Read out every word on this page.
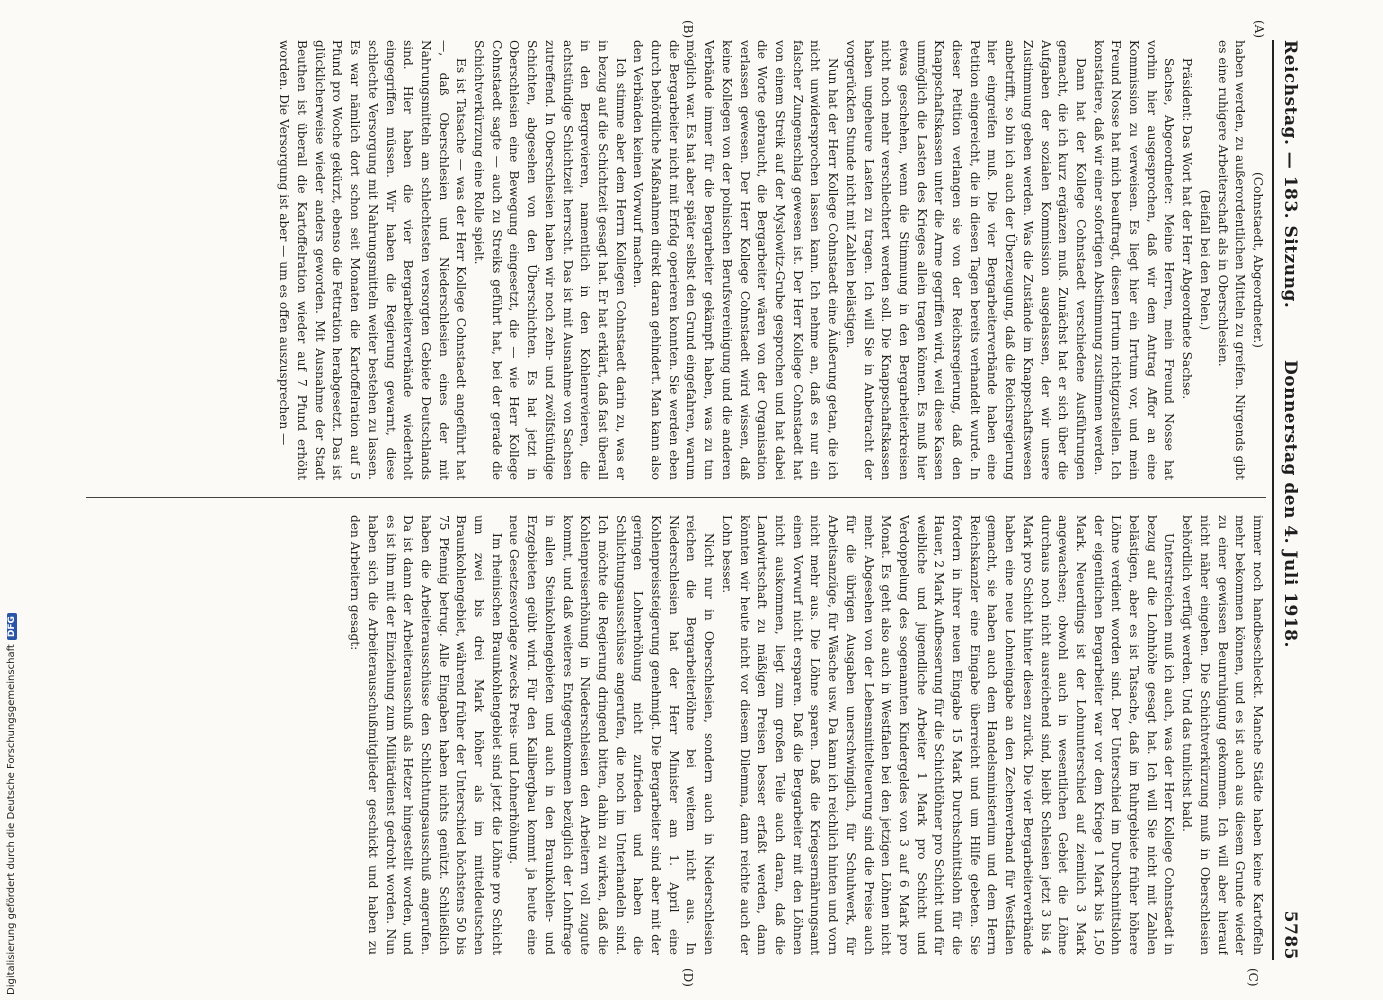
Reichstag. — 183. Sitzung.
Donnerstag den 4. Juli 1918.
5785
(A)
(B)
(C)
(D)

(Cohnstaedt, Abgeordneter.)

haben werden, zu außerordentlichen Mitteln zu greifen. Nirgends gibt es eine ruhigere Arbeiterschaft als in Oberschlesien.

(Beifall bei den Polen.)

Präsident: Das Wort hat der Herr Abgeordnete Sachse.

Sachse, Abgeordneter: Meine Herren, mein Freund Nosse hat vorhin hier ausgesprochen, daß wir dem Antrag Affor an eine Kommission zu verweisen. Es liegt hier ein Irrtum vor, und mein Freund Nosse hat mich beauftragt, diesen Irrtum richtigzustellen. Ich konstatiere, daß wir einer sofortigen Abstimmung zustimmen werden.

Dann hat der Kollege Cohnstaedt verschiedene Ausführungen gemacht, die ich kurz ergänzen muß. Zunächst hat er sich über die Aufgaben der sozialen Kommission ausgelassen, der wir unsere Zustimmung geben werden. Was die Zustände im Knappschaftswesen anbetrifft, so bin ich auch der Überzeugung, daß die Reichsregierung hier eingreifen muß. Die vier Bergarbeiterverbände haben eine Petition eingereicht, die in diesen Tagen bereits verhandelt wurde. In dieser Petition verlangen sie von der Reichsregierung, daß den Knappschaftskassen unter die Arme gegriffen wird, weil diese Kassen unmöglich die Lasten des Krieges allein tragen können. Es muß hier etwas geschehen, wenn die Stimmung in den Bergarbeiterkreisen nicht noch mehr verschlechtert werden soll. Die Knappschaftskassen haben ungeheure Lasten zu tragen. Ich will Sie in Anbetracht der vorgerückten Stunde nicht mit Zahlen belästigen.

Nun hat der Herr Kollege Cohnstaedt eine Äußerung getan, die ich nicht unwidersprochen lassen kann. Ich nehme an, daß es nur ein falscher Zungenschlag gewesen ist. Der Herr Kollege Cohnstaedt hat von einem Streik auf der Myslowitz-Grube gesprochen und hat dabei die Worte gebraucht, die Bergarbeiter wären von der Organisation verlassen gewesen. Der Herr Kollege Cohnstaedt wird wissen, daß keine Kollegen von der polnischen Berufsvereinigung und die anderen Verbände immer für die Bergarbeiter gekämpft haben, was zu tun möglich war. Es hat aber später selbst den Grund eingefahren, warum die Bergarbeiter nicht mit Erfolg operieren konnten. Sie werden eben durch behördliche Maßnahmen direkt daran gehindert. Man kann also den Verbänden keinen Vorwurf machen.

Ich stimme aber dem Herrn Kollegen Cohnstaedt darin zu, was er in bezug auf die Schichtzeit gesagt hat. Er hat erklärt, daß fast überall in den Bergrevieren, namentlich in den Kohlenrevieren, die achtstündige Schichtzeit herrscht. Das ist mit Ausnahme von Sachsen zutreffend. In Oberschlesien haben wir noch zehn- und zwölfstündige Schichten, abgesehen von den Überschichten. Es hat jetzt in Oberschlesien eine Bewegung eingesetzt, die — wie Herr Kollege Cohnstaedt sagte — auch zu Streiks geführt hat, bei der gerade die Schichtverkürzung eine Rolle spielt.

Es ist Tatsache — was der Herr Kollege Cohnstaedt angeführt hat —, daß Oberschlesien und Niederschlesien eines der mit Nahrungsmitteln am schlechtesten versorgten Gebiete Deutschlands sind. Hier haben die vier Bergarbeiterverbände wiederholt eingegriffen müssen. Wir haben die Regierung gewarnt, diese schlechte Versorgung mit Nahrungsmitteln weiter bestehen zu lassen. Es war nämlich dort schon seit Monaten die Kartoffelration auf 5 Pfund pro Woche gekürzt, ebenso die Fettration herabgesetzt. Das ist glücklicherweise wieder anders geworden. Mit Ausnahme der Stadt Beuthen ist überall die Kartoffelration wieder auf 7 Pfund erhöht worden. Die Versorgung ist aber — um es offen auszusprechen —

immer noch handbeschleckt. Manche Städte haben keine Kartoffeln mehr bekommen können, und es ist auch aus diesem Grunde wieder zu einer gewissen Beunruhigung gekommen. Ich will aber hierauf nicht näher eingehen. Die Schichtverkürzung muß in Oberschlesien behördlich verfügt werden. Und das tunlichst bald.

Unterstreichen muß ich auch, was der Herr Kollege Cohnstaedt in bezug auf die Lohnhöhe gesagt hat. Ich will Sie nicht mit Zahlen belästigen, aber es ist Tatsache, daß im Ruhrgebiete früher höhere Löhne verdient worden sind. Der Unterschied im Durchschnittslohn der eigentlichen Bergarbeiter war vor dem Kriege 1 Mark bis 1,50 Mark. Neuerdings ist der Lohnunterschied auf ziemlich 3 Mark angewachsen; obwohl auch in wesentlichen Gebiet die Löhne durchaus noch nicht ausreichend sind, bleibt Schlesien jetzt 3 bis 4 Mark pro Schicht hinter diesen zurück. Die vier Bergarbeiterverbände haben eine neue Lohneingabe an den Zechenverband für Westfalen gemacht, sie haben auch dem Handelsministerium und dem Herrn Reichskanzler eine Eingabe überreicht und um Hilfe gebeten. Sie fordern in ihrer neuen Eingabe 15 Mark Durchschnittslohn für die Hauer, 2 Mark Aufbesserung für die Schichtlöhner pro Schicht und für weibliche und jugendliche Arbeiter 1 Mark pro Schicht und Verdoppelung des sogenannten Kindergeldes von 3 auf 6 Mark pro Monat. Es geht also auch in Westfalen bei den jetzigen Löhnen nicht mehr. Abgesehen von der Lebensmittelteuerung sind die Preise auch für die übrigen Ausgaben unerschwinglich, für Schuhwerk, für Arbeitsanzüge, für Wäsche usw. Da kann ich reichlich hinten und vorn nicht mehr aus. Die Löhne sparen. Daß die Kriegsernährungsamt einen Vorwurf nicht ersparen. Daß die Bergarbeiter mit den Löhnen nicht auskommen, liegt zum großen Teile auch daran, daß die Landwirtschaft zu mäßigen Preisen besser erfaßt werden, dann könnten wir heute nicht vor diesem Dilemma, dann reichte auch der Lohn besser.

Nicht nur in Oberschlesien, sondern auch in Niederschlesien reichen die Bergarbeiterlöhne bei weitem nicht aus. In Niederschlesien hat der Herr Minister am 1. April eine Kohlenpreissteigerung genehmigt. Die Bergarbeiter sind aber mit der geringen Lohnerhöhung nicht zufrieden und haben die Schlichtungsausschüsse angerufen, die noch im Unterhandeln sind. Ich möchte die Regierung dringend bitten, dahin zu wirken, daß die Kohlenpreiserhöhung in Niederschlesien den Arbeitern voll zugute kommt, und daß weiteres Entgegenkommen bezüglich der Lohnfrage in allen Steinkohlengebieten und auch in den Braunkohlen- und Erzgebieten geübt wird. Für den Kalibergbau kommt ja heute eine neue Gesetzesvorlage zwecks Preis- und Lohnerhöhung.

Im rheinischen Braunkohlengebiet sind jetzt die Löhne pro Schicht um zwei bis drei Mark höher als im mitteldeutschen Braunkohlengebiet, während früher der Unterschied höchstens 50 bis 75 Pfennig betrug. Alle Eingaben haben nichts genützt. Schließlich haben die Arbeiterausschüsse den Schlichtungsausschuß angerufen. Da ist dann der Arbeiterausschuß als Hetzer hingestellt worden, und es ist ihm mit der Einziehung zum Militärdienst gedroht worden. Nun haben sich die Arbeiterausschußmitglieder geschickt und haben zu den Arbeitern gesagt:

Digitalisierung gefördert durch die Deutsche ForschungsgemeinschaftDFG
